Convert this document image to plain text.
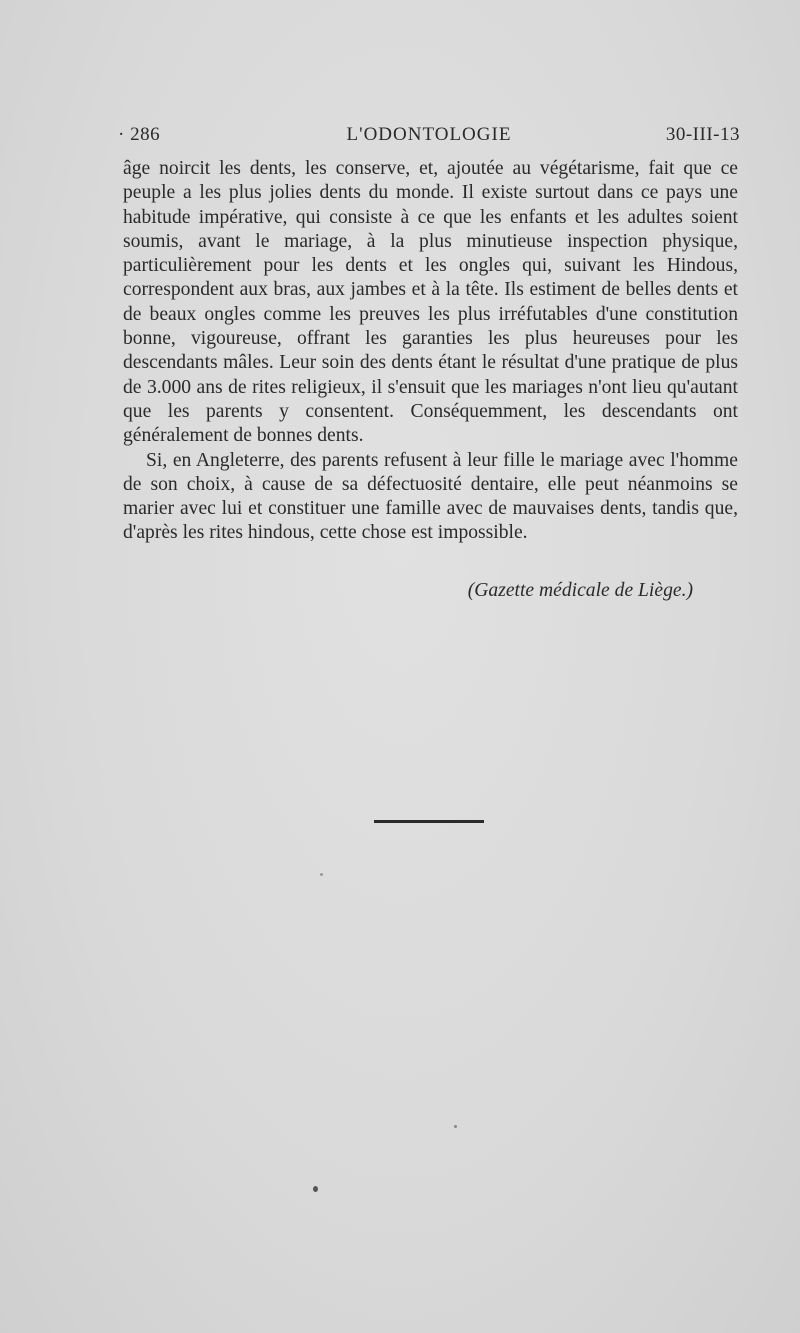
· 286	L'ODONTOLOGIE	30-III-13

âge noircit les dents, les conserve, et, ajoutée au végétarisme, fait que ce peuple a les plus jolies dents du monde. Il existe surtout dans ce pays une habitude impérative, qui consiste à ce que les enfants et les adultes soient soumis, avant le mariage, à la plus minutieuse inspection physique, particulièrement pour les dents et les ongles qui, suivant les Hindous, correspondent aux bras, aux jambes et à la tête. Ils estiment de belles dents et de beaux ongles comme les preuves les plus irréfutables d'une constitution bonne, vigoureuse, offrant les garanties les plus heureuses pour les descendants mâles. Leur soin des dents étant le résultat d'une pratique de plus de 3.000 ans de rites religieux, il s'ensuit que les mariages n'ont lieu qu'autant que les parents y consentent. Conséquemment, les descendants ont généralement de bonnes dents.

Si, en Angleterre, des parents refusent à leur fille le mariage avec l'homme de son choix, à cause de sa défectuosité dentaire, elle peut néanmoins se marier avec lui et constituer une famille avec de mauvaises dents, tandis que, d'après les rites hindous, cette chose est impossible.

(Gazette médicale de Liège.)
